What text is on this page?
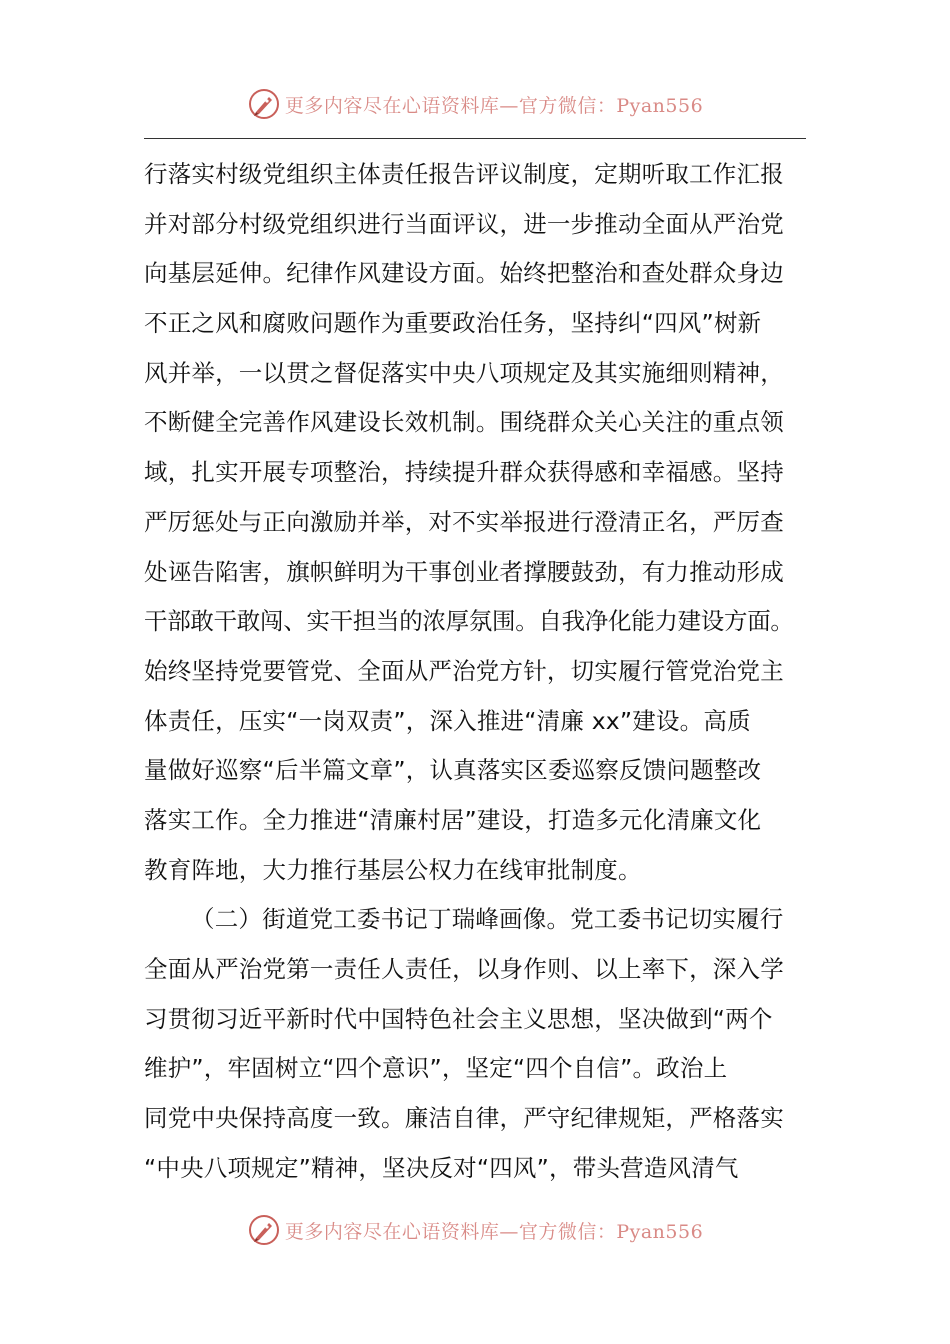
更多内容尽在心语资料库—官方微信：Pyan556
行落实村级党组织主体责任报告评议制度，定期听取工作汇报
并对部分村级党组织进行当面评议，进一步推动全面从严治党
向基层延伸。纪律作风建设方面。始终把整治和查处群众身边
不正之风和腐败问题作为重要政治任务，坚持纠“四风”树新
风并举，一以贯之督促落实中央八项规定及其实施细则精神，
不断健全完善作风建设长效机制。围绕群众关心关注的重点领
域，扎实开展专项整治，持续提升群众获得感和幸福感。坚持
严厉惩处与正向激励并举，对不实举报进行澄清正名，严厉查
处诬告陷害，旗帜鲜明为干事创业者撑腰鼓劲，有力推动形成
干部敢干敢闯、实干担当的浓厚氛围。自我净化能力建设方面。
始终坚持党要管党、全面从严治党方针，切实履行管党治党主
体责任，压实“一岗双责”，深入推进“清廉 xx”建设。高质
量做好巡察“后半篇文章”，认真落实区委巡察反馈问题整改
落实工作。全力推进“清廉村居”建设，打造多元化清廉文化
教育阵地，大力推行基层公权力在线审批制度。
（二）街道党工委书记丁瑞峰画像。党工委书记切实履行
全面从严治党第一责任人责任，以身作则、以上率下，深入学
习贯彻习近平新时代中国特色社会主义思想，坚决做到“两个
维护”，牢固树立“四个意识”，坚定“四个自信”。政治上
同党中央保持高度一致。廉洁自律，严守纪律规矩，严格落实
“中央八项规定”精神，坚决反对“四风”，带头营造风清气
更多内容尽在心语资料库—官方微信：Pyan556
